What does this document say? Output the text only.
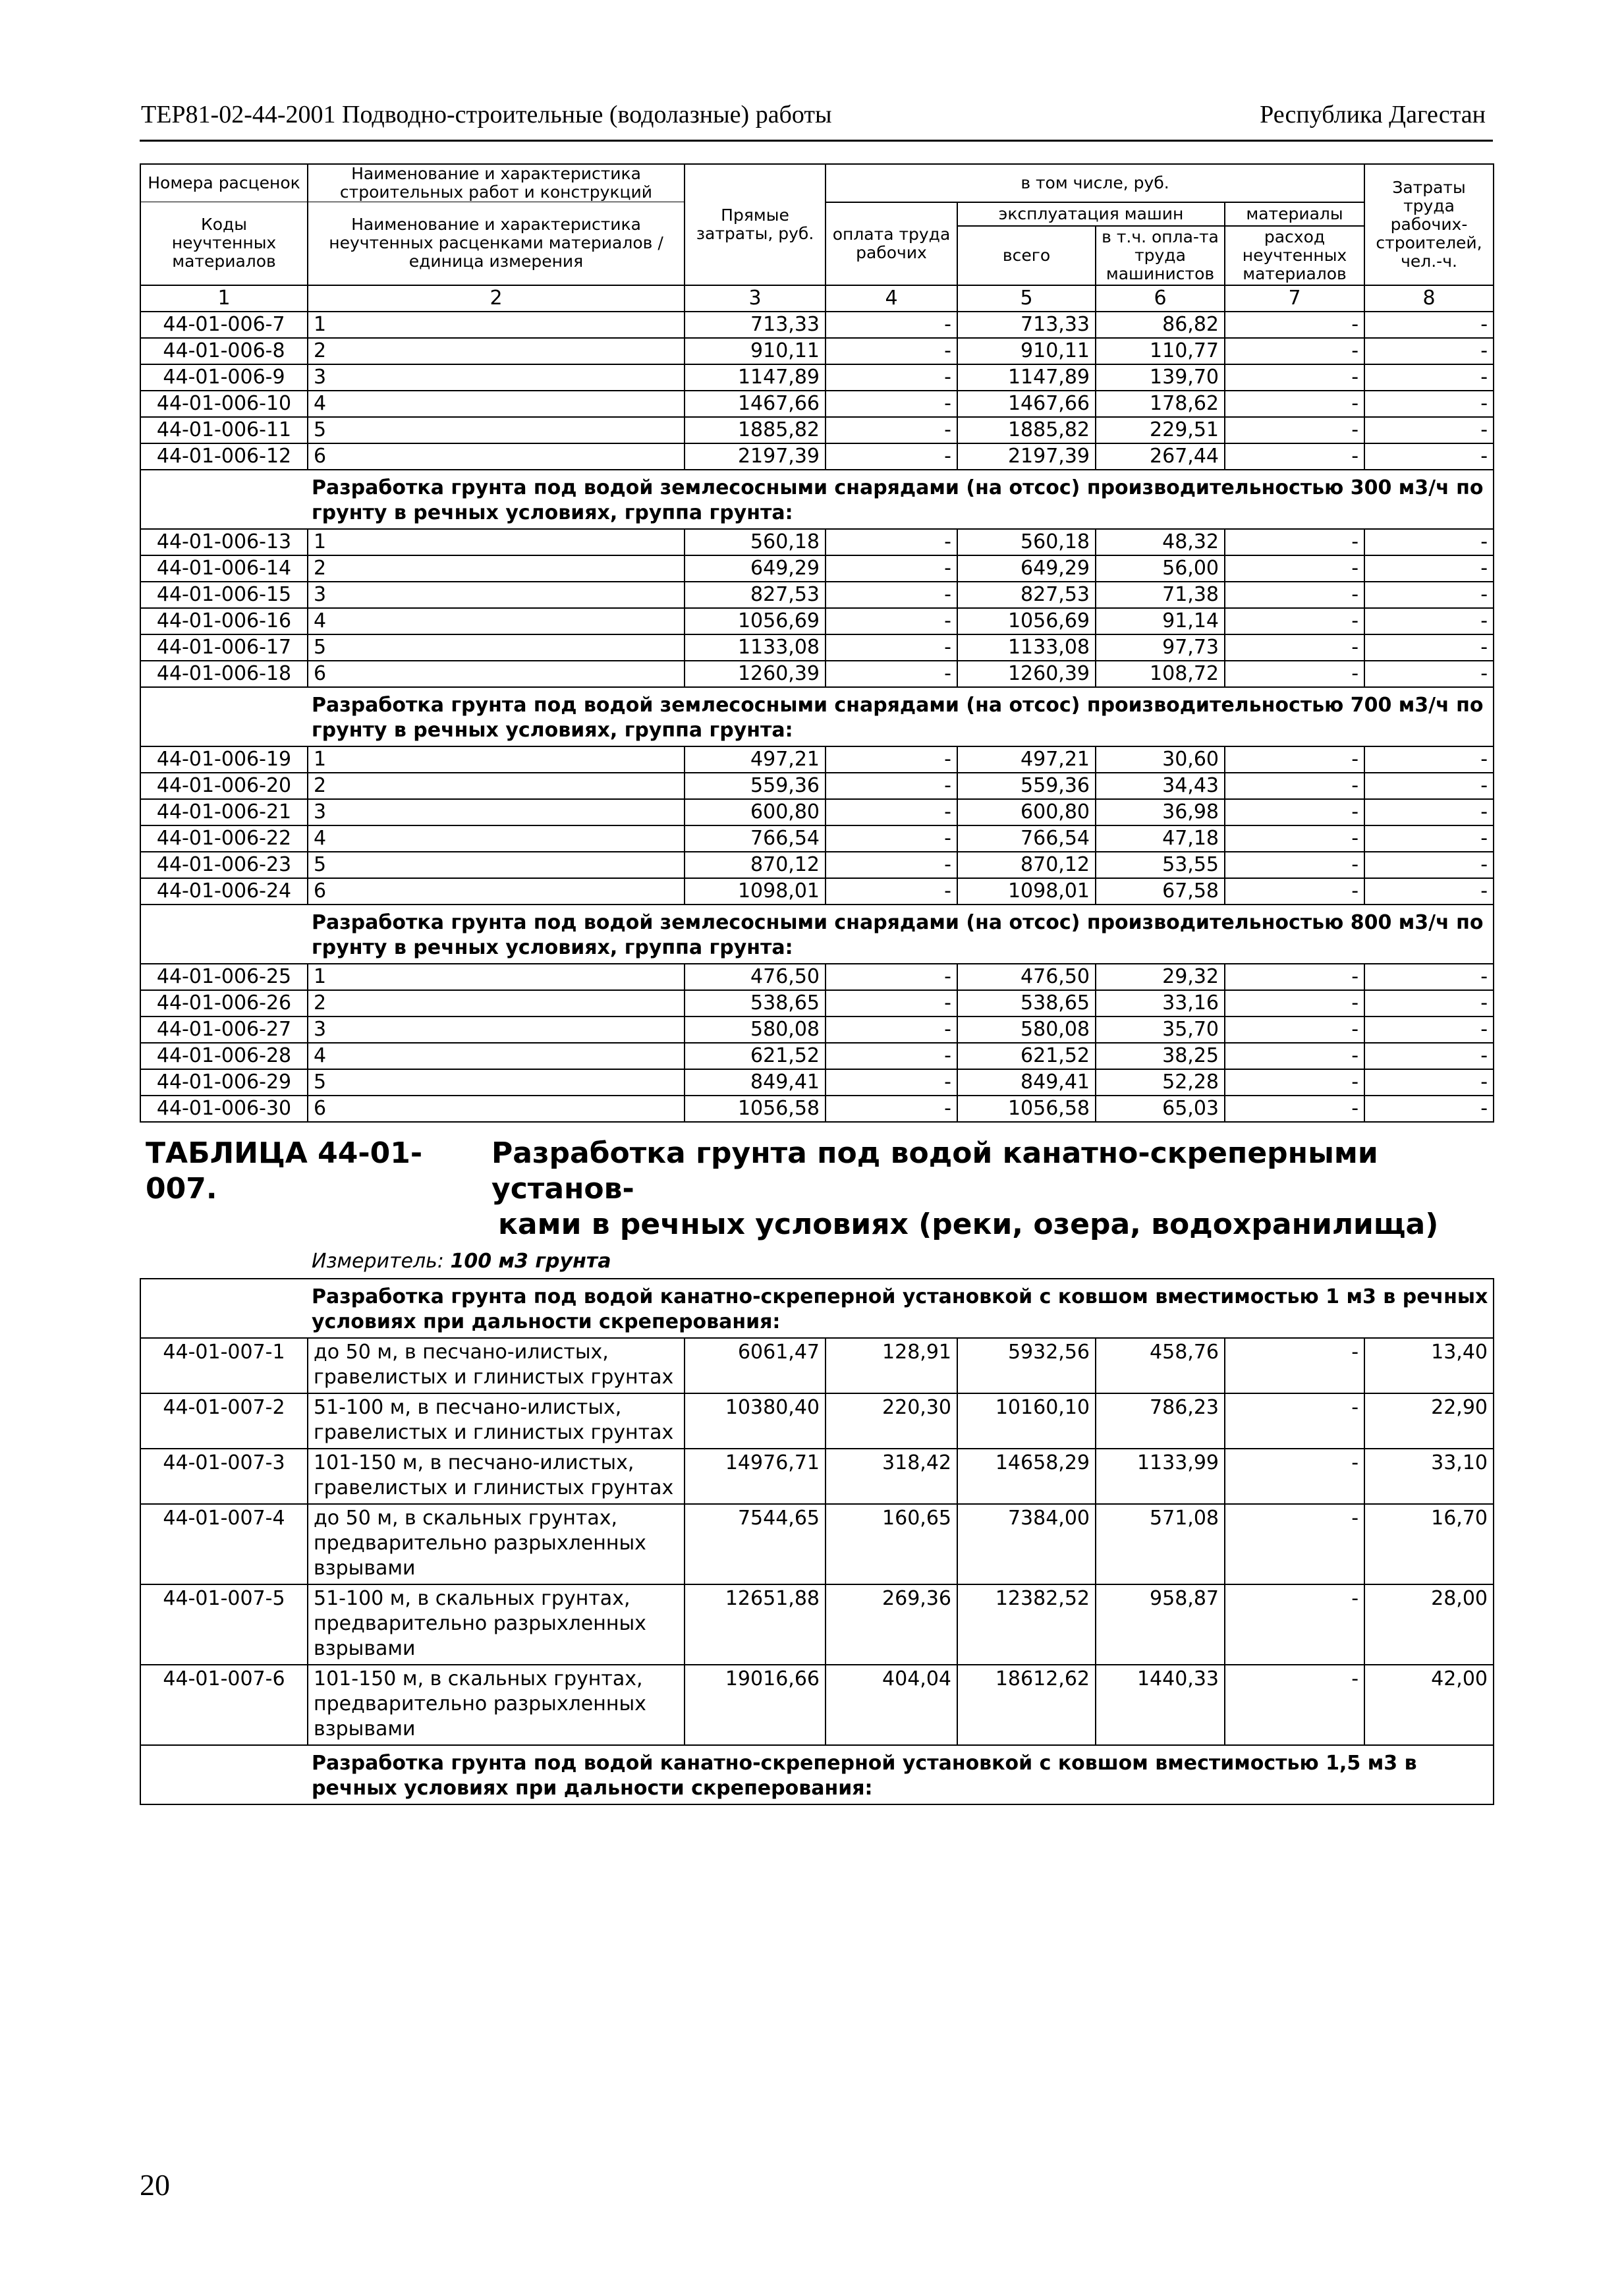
ТЕР81-02-44-2001 Подводно-строительные (водолазные) работы	Республика Дагестан
Номера расценок	Наименование и характеристика строительных работ и конструкций	Прямые затраты, руб.	в том числе, руб.				Затраты труда рабочих-строителей, чел.-ч.
Коды неучтенных материалов	Наименование и характеристика неучтенных расценками материалов / единица измерения		оплата труда рабочих	эксплуатация машин		материалы	
				всего	в т.ч. опла-та труда машинистов	расход неучтенных материалов	
1	2	3	4	5	6	7	8
44-01-006-7	1	713,33	-	713,33	86,82	-	-
44-01-006-8	2	910,11	-	910,11	110,77	-	-
44-01-006-9	3	1147,89	-	1147,89	139,70	-	-
44-01-006-10	4	1467,66	-	1467,66	178,62	-	-
44-01-006-11	5	1885,82	-	1885,82	229,51	-	-
44-01-006-12	6	2197,39	-	2197,39	267,44	-	-
	Разработка грунта под водой землесосными снарядами (на отсос) производительностью 300 м3/ч по грунту в речных условиях, группа грунта:						
44-01-006-13	1	560,18	-	560,18	48,32	-	-
44-01-006-14	2	649,29	-	649,29	56,00	-	-
44-01-006-15	3	827,53	-	827,53	71,38	-	-
44-01-006-16	4	1056,69	-	1056,69	91,14	-	-
44-01-006-17	5	1133,08	-	1133,08	97,73	-	-
44-01-006-18	6	1260,39	-	1260,39	108,72	-	-
	Разработка грунта под водой землесосными снарядами (на отсос) производительностью 700 м3/ч по грунту в речных условиях, группа грунта:						
44-01-006-19	1	497,21	-	497,21	30,60	-	-
44-01-006-20	2	559,36	-	559,36	34,43	-	-
44-01-006-21	3	600,80	-	600,80	36,98	-	-
44-01-006-22	4	766,54	-	766,54	47,18	-	-
44-01-006-23	5	870,12	-	870,12	53,55	-	-
44-01-006-24	6	1098,01	-	1098,01	67,58	-	-
	Разработка грунта под водой землесосными снарядами (на отсос) производительностью 800 м3/ч по грунту в речных условиях, группа грунта:						
44-01-006-25	1	476,50	-	476,50	29,32	-	-
44-01-006-26	2	538,65	-	538,65	33,16	-	-
44-01-006-27	3	580,08	-	580,08	35,70	-	-
44-01-006-28	4	621,52	-	621,52	38,25	-	-
44-01-006-29	5	849,41	-	849,41	52,28	-	-
44-01-006-30	6	1056,58	-	1056,58	65,03	-	-

ТАБЛИЦА 44-01-007.
Разработка грунта под водой канатно-скреперными установ-
ками в речных условиях (реки, озера, водохранилища)
Измеритель: 100 м3 грунта							

	Разработка грунта под водой канатно-скреперной установкой с ковшом вместимостью 1 м3 в речных условиях при дальности скреперования:						
44-01-007-1	до 50 м, в песчано-илистых, гравелистых и глинистых грунтах	6061,47	128,91	5932,56	458,76	-	13,40
44-01-007-2	51-100 м, в песчано-илистых, гравелистых и глинистых грунтах	10380,40	220,30	10160,10	786,23	-	22,90
44-01-007-3	101-150 м, в песчано-илистых, гравелистых и глинистых грунтах	14976,71	318,42	14658,29	1133,99	-	33,10
44-01-007-4	до 50 м, в скальных грунтах, предварительно разрыхленных взрывами	7544,65	160,65	7384,00	571,08	-	16,70
44-01-007-5	51-100 м, в скальных грунтах, предварительно разрыхленных взрывами	12651,88	269,36	12382,52	958,87	-	28,00
44-01-007-6	101-150 м, в скальных грунтах, предварительно разрыхленных взрывами	19016,66	404,04	18612,62	1440,33	-	42,00
	Разработка грунта под водой канатно-скреперной установкой с ковшом вместимостью 1,5 м3 в речных условиях при дальности скреперования:						
20
